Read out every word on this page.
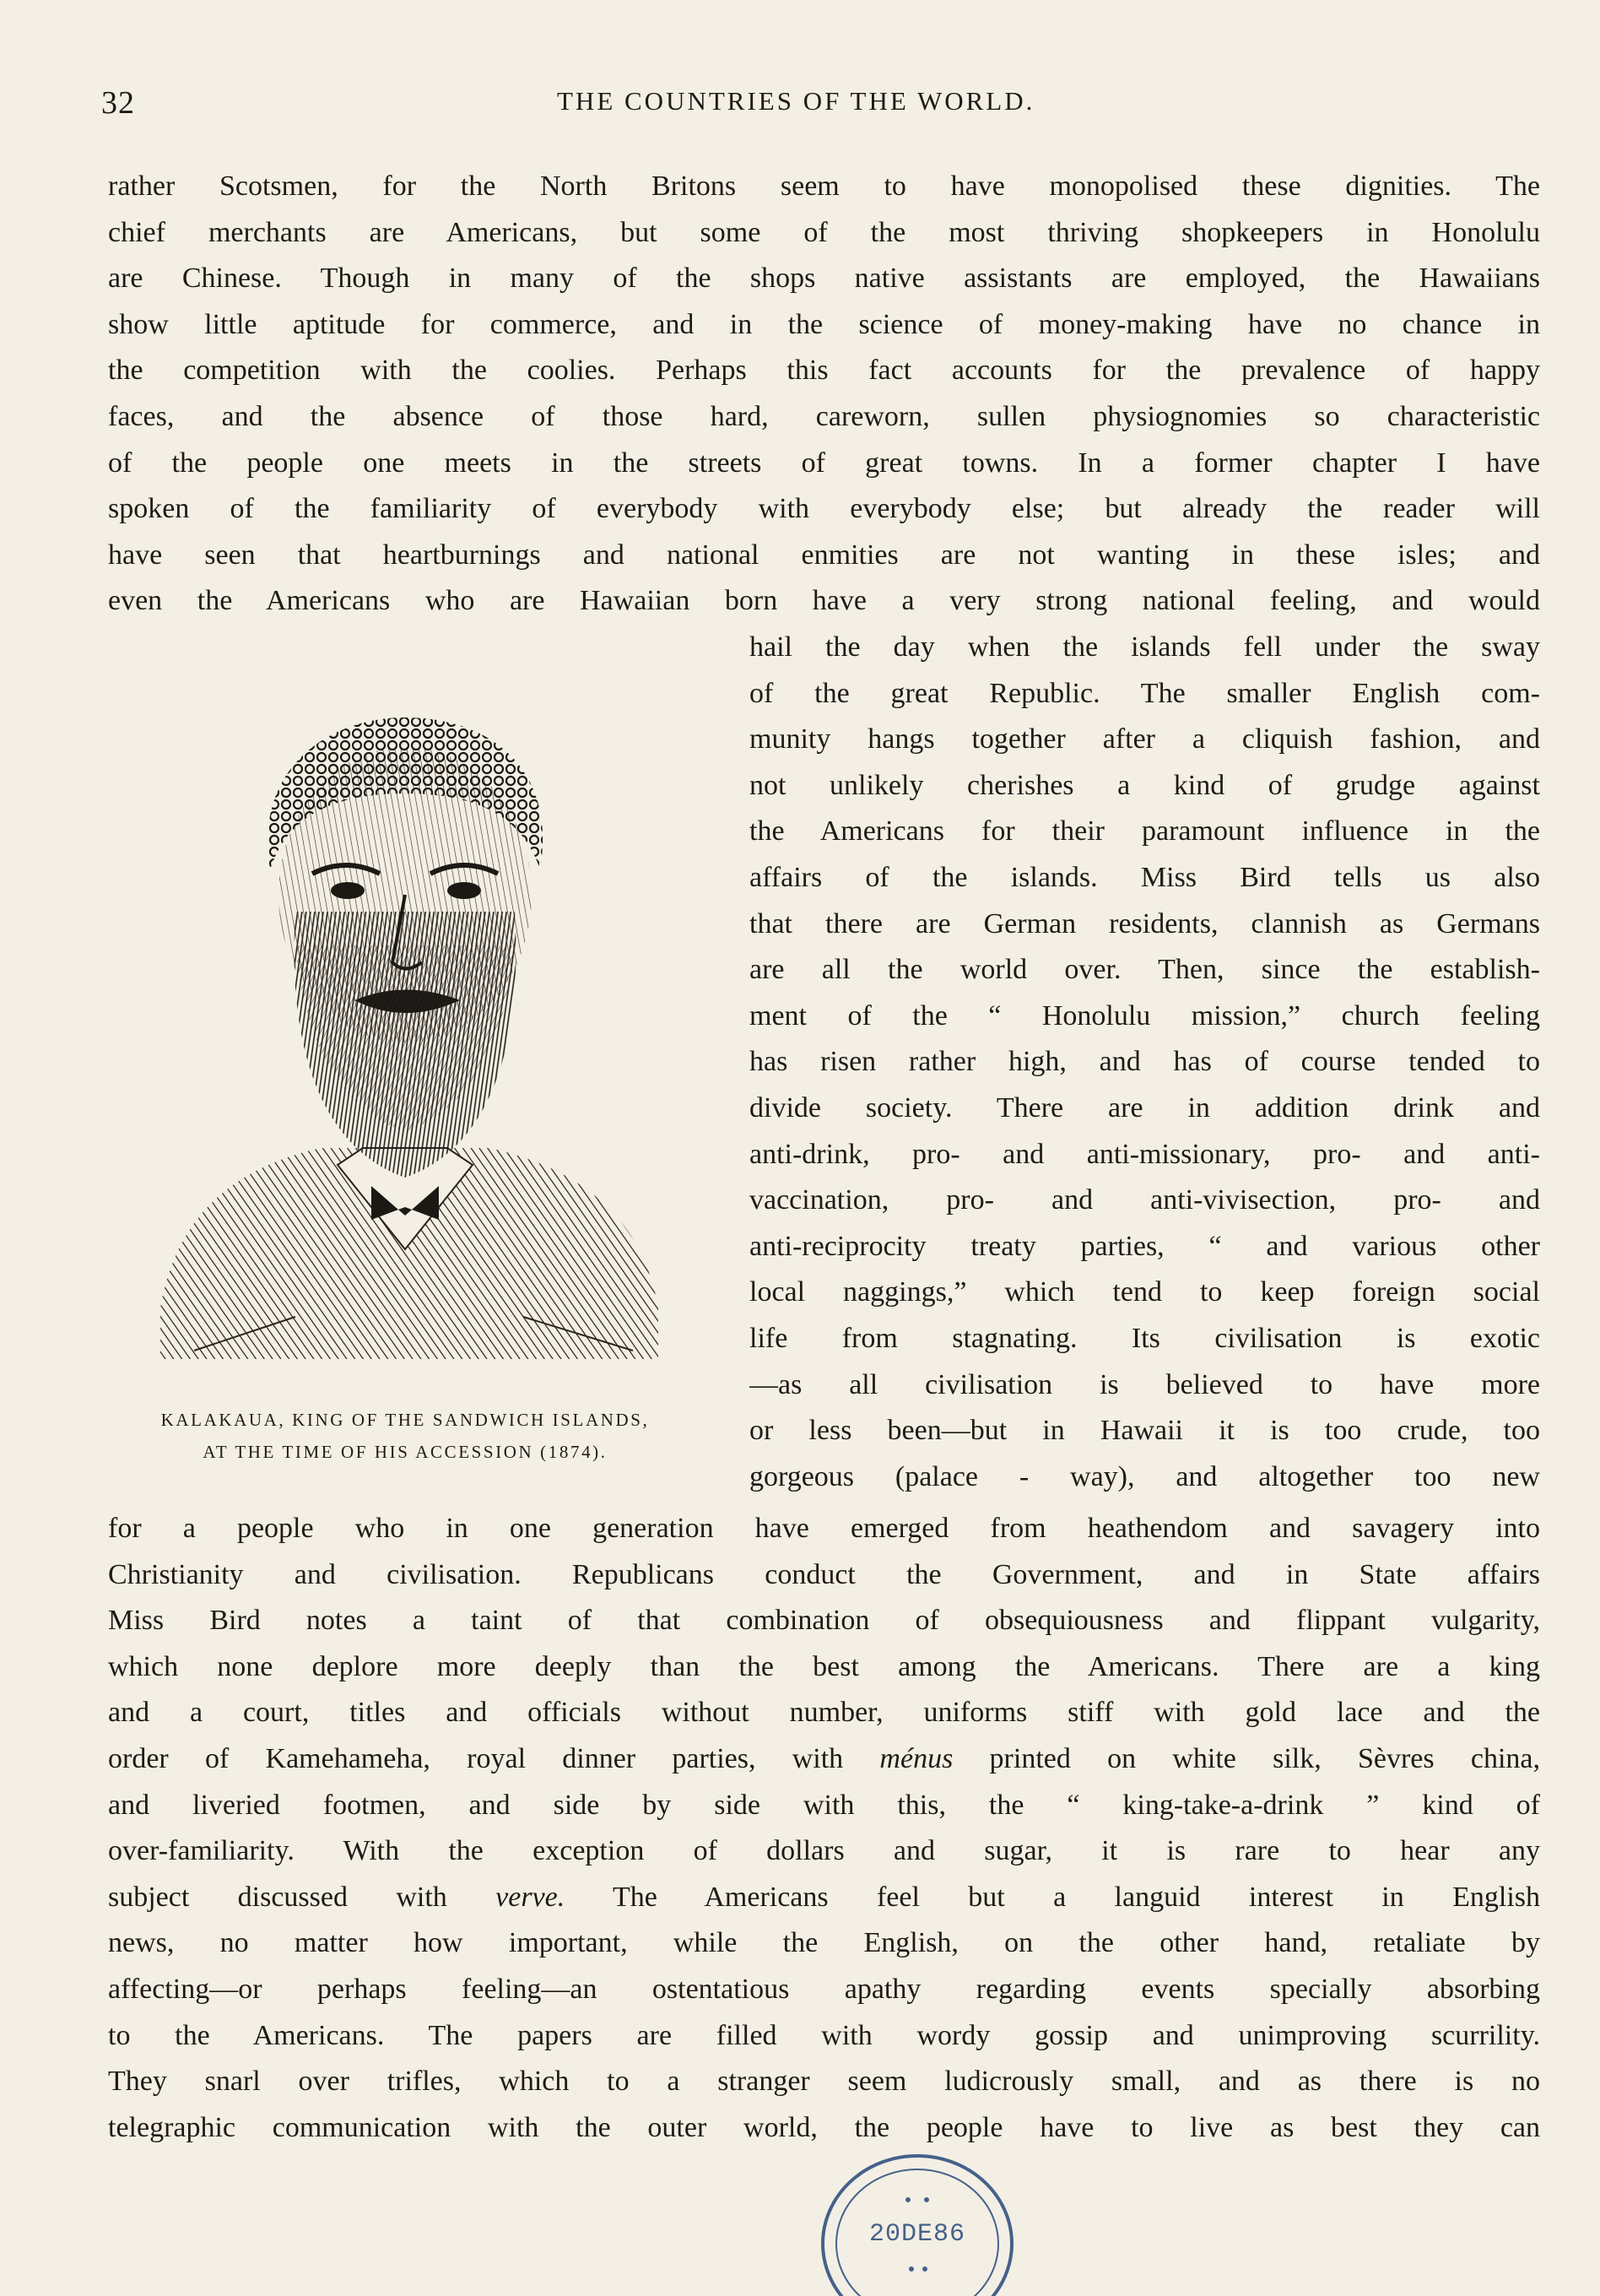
32	THE COUNTRIES OF THE WORLD.
rather Scotsmen, for the North Britons seem to have monopolised these dignities. The
chief merchants are Americans, but some of the most thriving shopkeepers in Honolulu
are Chinese. Though in many of the shops native assistants are employed, the Hawaiians
show little aptitude for commerce, and in the science of money-making have no chance in
the competition with the coolies. Perhaps this fact accounts for the prevalence of happy
faces, and the absence of those hard, careworn, sullen physiognomies so characteristic
of the people one meets in the streets of great towns. In a former chapter I have
spoken of the familiarity of everybody with everybody else; but already the reader will
have seen that heartburnings and national enmities are not wanting in these isles; and
even the Americans who are Hawaiian born have a very strong national feeling, and would
KALAKAUA, KING OF THE SANDWICH ISLANDS,
AT THE TIME OF HIS ACCESSION (1874).
hail the day when the islands fell under the sway
of the great Republic. The smaller English com-
munity hangs together after a cliquish fashion, and
not unlikely cherishes a kind of grudge against
the Americans for their paramount influence in the
affairs of the islands. Miss Bird tells us also
that there are German residents, clannish as Germans
are all the world over. Then, since the establish-
ment of the “ Honolulu mission,” church feeling
has risen rather high, and has of course tended to
divide society. There are in addition drink and
anti-drink, pro- and anti-missionary, pro- and anti-
vaccination, pro- and anti-vivisection, pro- and
anti-reciprocity treaty parties, “ and various other
local naggings,” which tend to keep foreign social
life from stagnating. Its civilisation is exotic
—as all civilisation is believed to have more
or less been—but in Hawaii it is too crude, too
gorgeous (palace - way), and altogether too new
for a people who in one generation have emerged from heathendom and savagery into
Christianity and civilisation. Republicans conduct the Government, and in State affairs
Miss Bird notes a taint of that combination of obsequiousness and flippant vulgarity,
which none deplore more deeply than the best among the Americans. There are a king
and a court, titles and officials without number, uniforms stiff with gold lace and the
order of Kamehameha, royal dinner parties, with ménus printed on white silk, Sèvres china,
and liveried footmen, and side by side with this, the “ king-take-a-drink ” kind of
over-familiarity. With the exception of dollars and sugar, it is rare to hear any
subject discussed with verve. The Americans feel but a languid interest in English
news, no matter how important, while the English, on the other hand, retaliate by
affecting—or perhaps feeling—an ostentatious apathy regarding events specially absorbing
to the Americans. The papers are filled with wordy gossip and unimproving scurrility.
They snarl over trifles, which to a stranger seem ludicrously small, and as there is no
telegraphic communication with the outer world, the people have to live as best they can
20DE86
